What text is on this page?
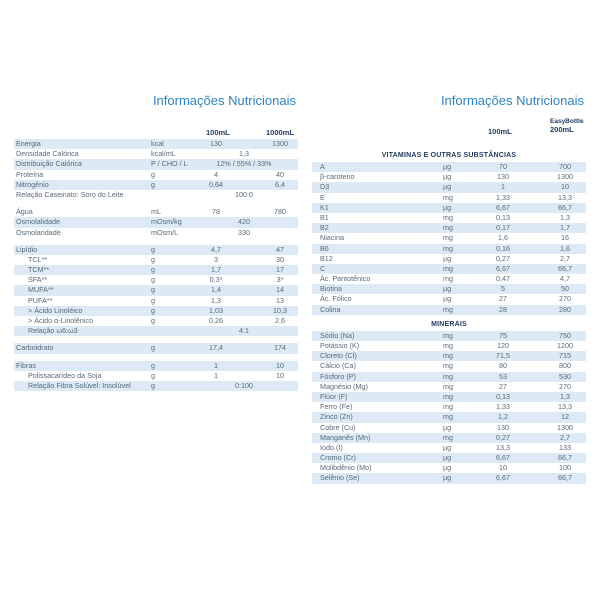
Informações Nutricionais
100mL	1000mL
Energia	kcal	130	1300
Densidade Calórica	kcal/mL	1,3
Distribuição Calórica	P / CHO / L	12% / 55% / 33%
Proteína	g	4	40
Nitrogênio	g	0,64	6,4
Relação Caseinato: Soro do Leite	100:0
Água	mL	78	780
Osmolalidade	mOsm/kg	420
Osmolaridade	mOsm/L	330
Lipídio	g	4,7	47
TCL**	g	3	30
TCM**	g	1,7	17
SFA**	g	0,3*	3*
MUFA**	g	1,4	14
PUFA**	g	1,3	13
> Ácido Linoléico	g	1,03	10,3
> Ácido α-Linolênico	g	0,26	2,6
Relação ω6:ω3	4:1
Carboidrato	g	17,4	174
Fibras	g	1	10
Polissacarídeo da Soja	g	1	10
Relação Fibra Solúvel: Insolúvel	g	0:100
Informações Nutricionais
100mL
EasyBottle
200mL
VITAMINAS E OUTRAS SUBSTÂNCIAS
A	µg	70	700
β-caroteno	µg	130	1300
D3	µg	1	10
E	mg	1,33	13,3
K1	µg	6,67	66,7
B1	mg	0,13	1,3
B2	mg	0,17	1,7
Niacina	mg	1,6	16
B6	mg	0,16	1,6
B12	µg	0,27	2,7
C	mg	6,67	66,7
Ác. Pantotênico	mg	0,47	4,7
Biotina	µg	5	50
Ác. Fólico	µg	27	270
Colina	mg	28	280
MINERAIS
Sódio (Na)	mg	75	750
Potássio (K)	mg	120	1200
Cloreto (Cl)	mg	71,5	715
Cálcio (Ca)	mg	80	800
Fósforo (P)	mg	53	530
Magnésio (Mg)	mg	27	270
Flúor (F)	mg	0,13	1,3
Ferro (Fe)	mg	1,33	13,3
Zinco (Zn)	mg	1,2	12
Cobre (Cu)	µg	130	1300
Manganês (Mn)	mg	0,27	2,7
Iodo (I)	µg	13,3	133
Cromo (Cr)	µg	6,67	66,7
Molibdênio (Mo)	µg	10	100
Selênio (Se)	µg	6,67	66,7
